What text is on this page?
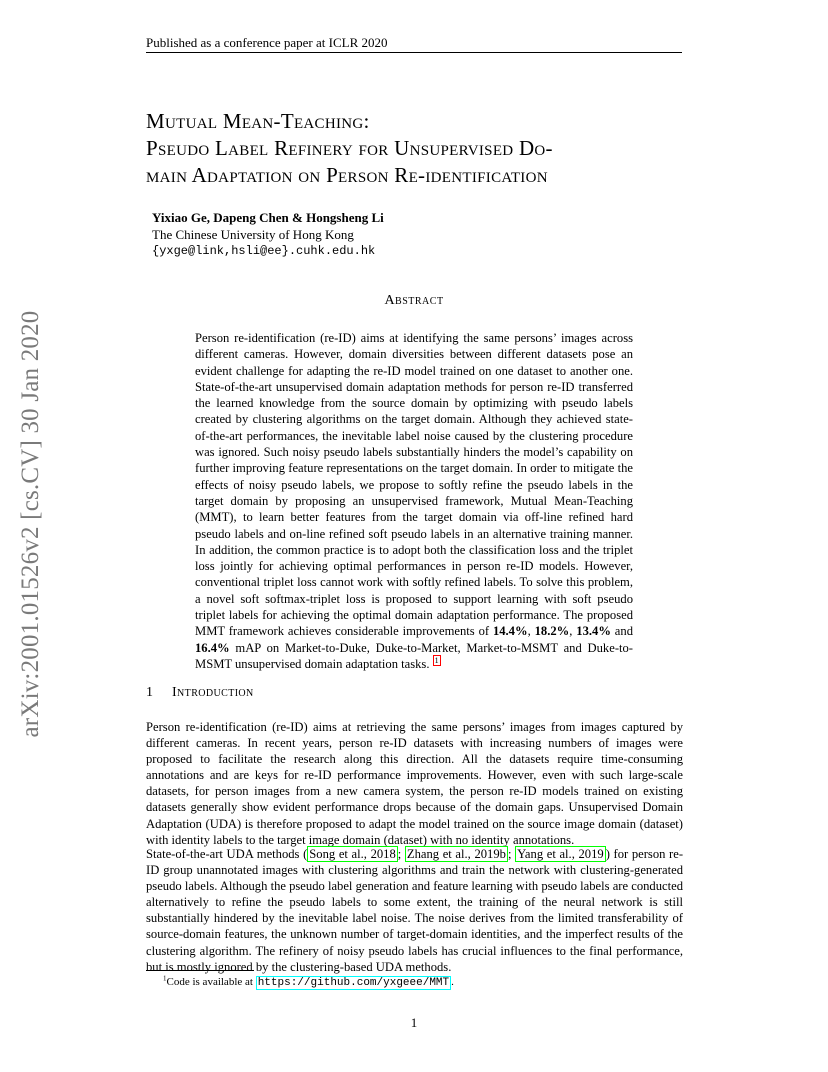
Published as a conference paper at ICLR 2020
arXiv:2001.01526v2 [cs.CV] 30 Jan 2020
Mutual Mean-Teaching:
Pseudo Label Refinery for Unsupervised Do-
main Adaptation on Person Re-identification
Yixiao Ge, Dapeng Chen & Hongsheng Li
The Chinese University of Hong Kong
{yxge@link,hsli@ee}.cuhk.edu.hk
Abstract
Person re-identification (re-ID) aims at identifying the same persons’ images across different cameras. However, domain diversities between different datasets pose an evident challenge for adapting the re-ID model trained on one dataset to another one. State-of-the-art unsupervised domain adaptation methods for person re-ID transferred the learned knowledge from the source domain by optimizing with pseudo labels created by clustering algorithms on the target domain. Although they achieved state-of-the-art performances, the inevitable label noise caused by the clustering procedure was ignored. Such noisy pseudo labels substantially hinders the model’s capability on further improving feature representations on the target domain. In order to mitigate the effects of noisy pseudo labels, we propose to softly refine the pseudo labels in the target domain by proposing an unsupervised framework, Mutual Mean-Teaching (MMT), to learn better features from the target domain via off-line refined hard pseudo labels and on-line refined soft pseudo labels in an alternative training manner. In addition, the common practice is to adopt both the classification loss and the triplet loss jointly for achieving optimal performances in person re-ID models. However, conventional triplet loss cannot work with softly refined labels. To solve this problem, a novel soft softmax-triplet loss is proposed to support learning with soft pseudo triplet labels for achieving the optimal domain adaptation performance. The proposed MMT framework achieves considerable improvements of 14.4%, 18.2%, 13.4% and 16.4% mAP on Market-to-Duke, Duke-to-Market, Market-to-MSMT and Duke-to-MSMT unsupervised domain adaptation tasks. $^1$
1 Introduction

Person re-identification (re-ID) aims at retrieving the same persons’ images from images captured by different cameras. In recent years, person re-ID datasets with increasing numbers of images were proposed to facilitate the research along this direction. All the datasets require time-consuming annotations and are keys for re-ID performance improvements. However, even with such large-scale datasets, for person images from a new camera system, the person re-ID models trained on existing datasets generally show evident performance drops because of the domain gaps. Unsupervised Domain Adaptation (UDA) is therefore proposed to adapt the model trained on the source image domain (dataset) with identity labels to the target image domain (dataset) with no identity annotations.

State-of-the-art UDA methods ( Song et al., 2018 ; Zhang et al., 2019b ; Yang et al., 2019 ) for person re-ID group unannotated images with clustering algorithms and train the network with clustering-generated pseudo labels. Although the pseudo label generation and feature learning with pseudo labels are conducted alternatively to refine the pseudo labels to some extent, the training of the neural network is still substantially hindered by the inevitable label noise. The noise derives from the limited transferability of source-domain features, the unknown number of target-domain identities, and the imperfect results of the clustering algorithm. The refinery of noisy pseudo labels has crucial influences to the final performance, but is mostly ignored by the clustering-based UDA methods.

$^1$Code is available at https://github.com/yxgeee/MMT .
1
